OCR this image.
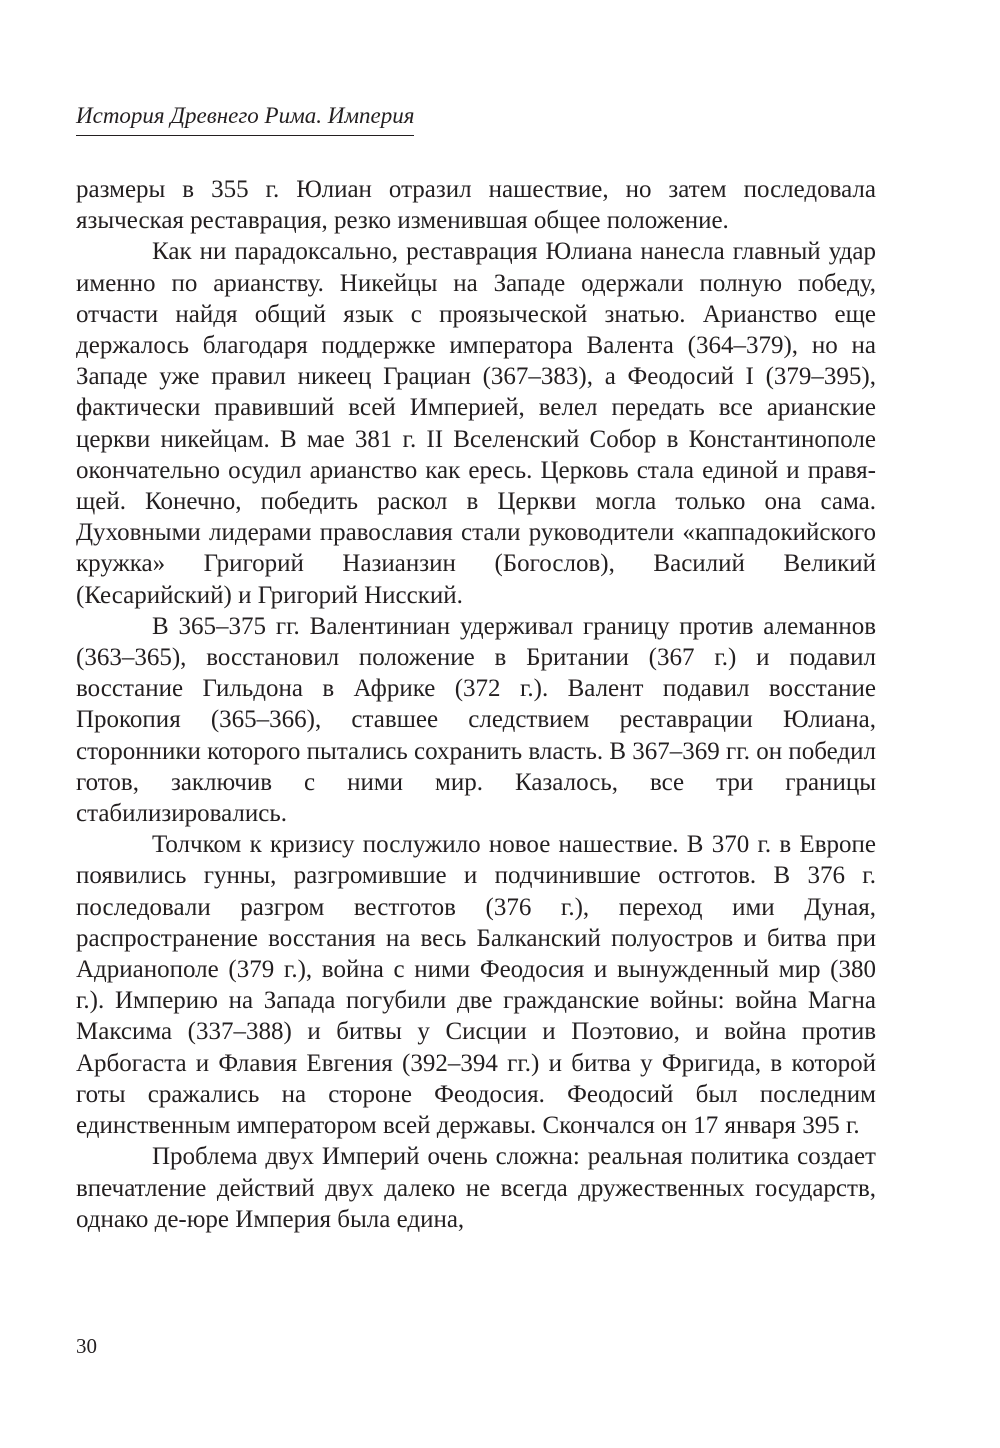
История Древнего Рима. Империя

размеры в 355 г. Юлиан отразил нашествие, но затем последовала языческая реставрация, резко изменившая общее положение.

Как ни парадоксально, реставрация Юлиана нанесла главный удар именно по арианству. Никейцы на Западе одержали полную победу, отчасти найдя общий язык с проязыческой знатью. Арианство еще держалось благодаря поддержке императора Валента (364–379), но на Западе уже правил никеец Грациан (367–383), а Феодосий I (379–395), фактически правивший всей Империей, велел передать все арианские церкви никейцам. В мае 381 г. II Вселенский Собор в Константинополе окончательно осудил арианство как ересь. Церковь стала единой и правящей. Конечно, победить раскол в Церкви могла только она сама. Духовными лидерами православия стали руководители «каппадокийского кружка» Григорий Назианзин (Богослов), Василий Великий (Кесарийский) и Григорий Нисский.

В 365–375 гг. Валентиниан удерживал границу против алеманнов (363–365), восстановил положение в Британии (367 г.) и подавил восстание Гильдона в Африке (372 г.). Валент подавил восстание Прокопия (365–366), ставшее следствием реставрации Юлиана, сторонники которого пытались сохранить власть. В 367–369 гг. он победил готов, заключив с ними мир. Казалось, все три границы стабилизировались.

Толчком к кризису послужило новое нашествие. В 370 г. в Европе появились гунны, разгромившие и подчинившие остготов. В 376 г. последовали разгром вестготов (376 г.), переход ими Дуная, распространение восстания на весь Балканский полуостров и битва при Адрианополе (379 г.), война с ними Феодосия и вынужденный мир (380 г.). Империю на Запада погубили две гражданские войны: война Магна Максима (337–388) и битвы у Сисции и Поэтовио, и война против Арбогаста и Флавия Евгения (392–394 гг.) и битва у Фригида, в которой готы сражались на стороне Феодосия. Феодосий был последним единственным императором всей державы. Скончался он 17 января 395 г.

Проблема двух Империй очень сложна: реальная политика создает впечатление действий двух далеко не всегда дружественных государств, однако де-юре Империя была едина,

30
